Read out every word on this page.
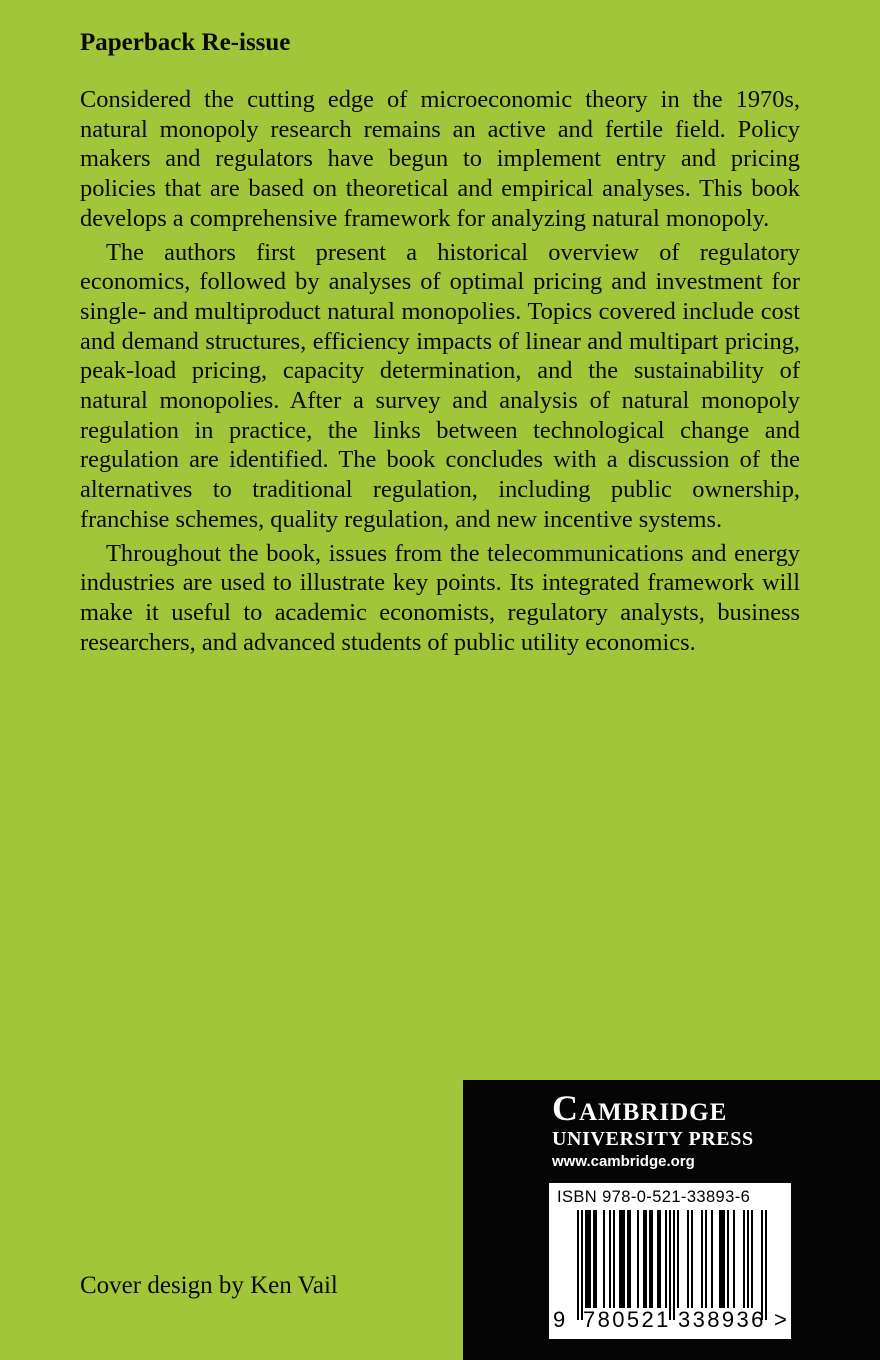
Paperback Re-issue

Considered the cutting edge of microeconomic theory in the 1970s, natural monopoly research remains an active and fertile field. Policy makers and regulators have begun to implement entry and pricing policies that are based on theoretical and empirical analyses. This book develops a comprehensive framework for analyzing natural monopoly.

The authors first present a historical overview of regulatory economics, followed by analyses of optimal pricing and investment for single- and multiproduct natural monopolies. Topics covered include cost and demand structures, efficiency impacts of linear and multipart pricing, peak-load pricing, capacity determination, and the sustainability of natural monopolies. After a survey and analysis of natural monopoly regulation in practice, the links between technological change and regulation are identified. The book concludes with a discussion of the alternatives to traditional regulation, including public ownership, franchise schemes, quality regulation, and new incentive systems.

Throughout the book, issues from the telecommunications and energy industries are used to illustrate key points. Its integrated framework will make it useful to academic economists, regulatory analysts, business researchers, and advanced students of public utility economics.

Cover design by Ken Vail
Cambridge
UNIVERSITY PRESS
www.cambridge.org
ISBN 978-0-521-33893-6
9 780521 338936 >
